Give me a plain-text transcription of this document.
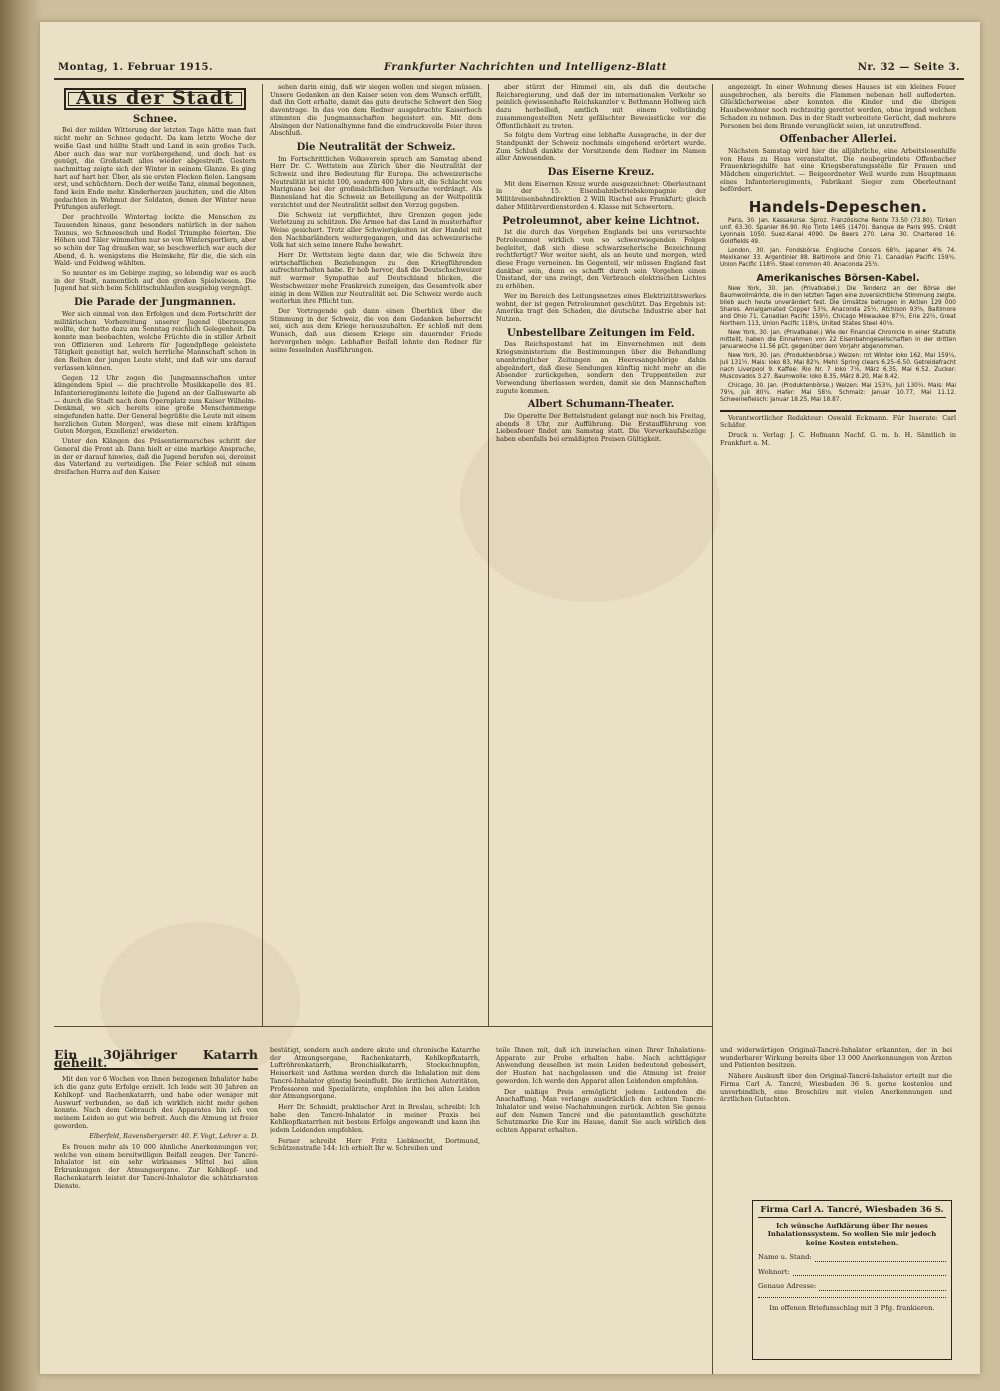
Montag, 1. Februar 1915.	Frankfurter Nachrichten und Intelligenz-Blatt	Nr. 32 — Seite 3.
Aus der Stadt
Schnee.

Bei der milden Witterung der letzten Tage hätte man fast nicht mehr an Schnee gedacht. Da kam letzte Woche der weiße Gast und hüllte Stadt und Land in sein großes Tuch. Aber auch das war nur vorübergehend, und doch hat es genügt, die Großstadt alles wieder abgestreift. Gestern nachmittag zeigte sich der Winter in seinem Glanze. Es ging hart auf hart her. Über, als sie ersten Flocken fielen. Langsam erst, und schüchtern. Doch der weiße Tanz, einmal begonnen, fand kein Ende mehr. Kinderherzen jauchzten, und die Alten gedachten in Wehmut der Soldaten, denen der Winter neue Prüfungen auferlegt.

Der prachtvolle Wintertag lockte die Menschen zu Tausenden hinaus, ganz besonders natürlich in der nahen Taunus, wo Schneeschuh und Rodel Triumphe feierten. Die Höhen und Täler wimmelten nur so von Wintersportlern, aber so schön der Tag draußen war, so beschwerlich war auch der Abend, d. h. wenigstens die Heimkehr, für die, die sich ein Wald- und Feldweg wählten.

So munter es im Gebirge zuging, so lebendig war es auch in der Stadt, namentlich auf den großen Spielwiesen. Die Jugend hat sich beim Schlittschuhlaufen ausgiebig vergnügt.

Die Parade der Jungmannen.

Wer sich einmal von den Erfolgen und dem Fortschritt der militärischen Vorbereitung unserer Jugend überzeugen wollte, der hatte dazu am Sonntag reichlich Gelegenheit. Da konnte man beobachten, welche Früchte die in stiller Arbeit von Offizieren und Lehrern für Jugendpflege geleistete Tätigkeit gezeitigt hat, welch herrliche Mannschaft schon in den Reihen der jungen Leute steht, und daß wir uns darauf verlassen können.

Gegen 12 Uhr zogen die Jungmannschaften unter klingendem Spiel — die prachtvolle Musikkapelle des 81. Infanterieregiments leitete die Jugend an der Galluswarte ab — durch die Stadt nach dem Opernplatz zum Kaiser Wilhelm-Denkmal, wo sich bereits eine große Menschenmenge eingefunden hatte. Der General begrüßte die Leute mit einem herzlichen Guten Morgen!, was diese mit einem kräftigen Guten Morgen, Exzellenz! erwiderten.

Unter den Klängen des Präsentiermarsches schritt der General die Front ab. Dann hielt er eine markige Ansprache, in der er darauf hinwies, daß die Jugend berufen sei, dereinst das Vaterland zu verteidigen. Die Feier schloß mit einem dreifachen Hurra auf den Kaiser.

sehen darin einig, daß wir siegen wollen und siegen müssen. Unsere Gedanken an den Kaiser seien von dem Wunsch erfüllt, daß ihn Gott erhalte, damit das gute deutsche Schwert den Sieg davontrage. In das von dem Redner ausgebrachte Kaiserhoch stimmten die Jungmannschaften begeistert ein. Mit dem Absingen der Nationalhymne fand die eindrucksvolle Feier ihren Abschluß.

Die Neutralität der Schweiz.

Im Fortschrittlichen Volksverein sprach am Samstag abend Herr Dr. C. Wettstein aus Zürich über die Neutralität der Schweiz und ihre Bedeutung für Europa. Die schweizerische Neutralität ist nicht 100, sondern 400 Jahre alt, die Schlacht von Marignano bei der großmächtlichen Versuche verdrängt. Als Binnenland hat die Schweiz an Beteiligung an der Weltpolitik verzichtet und der Neutralität selbst den Vorzug gegeben.

Die Schweiz ist verpflichtet, ihre Grenzen gegen jede Verletzung zu schützen. Die Armee hat das Land in musterhafter Weise gesichert. Trotz aller Schwierigkeiten ist der Handel mit den Nachbarländern weitergegangen, und das schweizerische Volk hat sich seine innere Ruhe bewahrt.

Herr Dr. Wettstein legte dann dar, wie die Schweiz ihre wirtschaftlichen Beziehungen zu den Kriegführenden aufrechterhalten habe. Er hob hervor, daß die Deutschschweizer mit warmer Sympathie auf Deutschland blicken, die Westschweizer mehr Frankreich zuneigen, das Gesamtvolk aber einig in dem Willen zur Neutralität sei. Die Schweiz werde auch weiterhin ihre Pflicht tun.

Der Vortragende gab dann einen Überblick über die Stimmung in der Schweiz, die von dem Gedanken beherrscht sei, sich aus dem Kriege herauszuhalten. Er schloß mit dem Wunsch, daß aus diesem Kriege ein dauernder Friede hervorgehen möge. Lebhafter Beifall lohnte den Redner für seine fesselnden Ausführungen.

aber stürzt der Himmel ein, als daß die deutsche Reichsregierung, und daß der im internationalen Verkehr so peinlich gewissenhafte Reichskanzler v. Bethmann Hollweg sich dazu herbeiließ, amtlich mit einem vollständig zusammengestellten Netz gefälschter Beweisstücke vor die Öffentlichkeit zu treten.

So folgte dem Vortrag eine lebhafte Aussprache, in der der Standpunkt der Schweiz nochmals eingehend erörtert wurde. Zum Schluß dankte der Vorsitzende dem Redner im Namen aller Anwesenden.

Das Eiserne Kreuz.

Mit dem Eisernen Kreuz wurde ausgezeichnet: Oberleutnant in der 15. Eisenbahnbetriebskompagnie der Militäreisenbahndirektion 2 Willi Rischel aus Frankfurt; gleich daher Militärverdienstorden 4. Klasse mit Schwertern.

Petroleumnot, aber keine Lichtnot.

Ist die durch das Vorgehen Englands bei uns verursachte Petroleumnot wirklich von so schwerwiegenden Folgen begleitet, daß sich diese schwarzseherische Bezeichnung rechtfertigt? Wer weiter sieht, als an heute und morgen, wird diese Frage verneinen. Im Gegenteil, wir müssen England fast dankbar sein, denn es schafft durch sein Vorgehen einen Umstand, der uns zwingt, den Verbrauch elektrischen Lichtes zu erhöhen.

Wer im Bereich des Leitungsnetzes eines Elektrizitätswerkes wohnt, der ist gegen Petroleumnot geschützt. Das Ergebnis ist: Amerika tragt den Schaden, die deutsche Industrie aber hat Nutzen.

Unbestellbare Zeitungen im Feld.

Das Reichspostamt hat im Einvernehmen mit dem Kriegsministerium die Bestimmungen über die Behandlung unanbringlicher Zeitungen an Heeresangehörige dahin abgeändert, daß diese Sendungen künftig nicht mehr an die Absender zurückgehen, sondern den Truppenteilen zur Verwendung überlassen werden, damit sie den Mannschaften zugute kommen.

Albert Schumann-Theater.

Die Operette Der Bettelstudent gelangt nur noch bis Freitag, abends 8 Uhr, zur Aufführung. Die Erstaufführung von Liebesfeuer findet am Samstag statt. Die Vorverkaufsbezüge haben ebenfalls bei ermäßigten Preisen Gültigkeit.

angezeigt. In einer Wohnung dieses Hauses ist ein kleines Feuer ausgebrochen, als bereits die Flammen nebenan hell aufloderten. Glücklicherweise aber konnten die Kinder und die übrigen Hausbewohner noch rechtzeitig gerettet werden, ohne irgend welchen Schaden zu nehmen. Das in der Stadt verbreitete Gerücht, daß mehrere Personen bei dem Brande verunglückt seien, ist unzutreffend.

Offenbacher Allerlei.

Nächsten Samstag wird hier die alljährliche, eine Arbeitslosenhilfe von Haus zu Haus veranstaltet. Die neubegründete Offenbacher Frauenkriegshilfe hat eine Kriegsberatungsstelle für Frauen und Mädchen eingerichtet. — Beigeordneter Weil wurde zum Hauptmann eines Infanterieregiments, Fabrikant Sieger zum Oberleutnant befördert.

Handels-Depeschen.

Paris, 30. Jan. Kassakurse. Sproz. Französische Rente 73.50 (73.80). Türken unif. 63.30. Spanier 86.90. Rio Tinto 1465 (1470). Banque de Paris 995. Crédit Lyonnais 1050. Suez-Kanal 4090. De Beers 270. Lena 30. Chartered 16. Goldfields 49.

London, 30. Jan. Fondsbörse. Englische Consols 68¾. Japaner 4% 74. Mexikaner 33. Argentinier 88. Baltimore and Ohio 71. Canadian Pacific 159¾. Union Pacific 118½. Steel common 40. Anaconda 25½.

Amerikanisches Börsen-Kabel.

New York, 30. Jan. (Privatkabel.) Die Tendenz an der Börse der Baumwollmärkte, die in den letzten Tagen eine zuversichtliche Stimmung zeigte, blieb auch heute unverändert fest. Die Umsätze betrugen in Aktien 129 000 Shares. Amalgamated Copper 53⅜, Anaconda 25½, Atchison 93⅜, Baltimore and Ohio 71, Canadian Pacific 159½, Chicago Milwaukee 87½, Erie 22¼, Great Northern 113, Union Pacific 118⅛, United States Steel 40⅛.

New York, 30. Jan. (Privatkabel.) Wie der Financial Chronicle in einer Statistik mitteilt, haben die Einnahmen von 22 Eisenbahngesellschaften in der dritten Januarwoche 11.56 pCt. gegenüber dem Vorjahr abgenommen.

New York, 30. Jan. (Produktenbörse.) Weizen: rot Winter loko 162, Mai 159¼, Juli 131½. Mais: loko 83, Mai 82¾. Mehl: Spring clears 6.25–6.50. Getreidefracht nach Liverpool 9. Kaffee: Rio Nr. 7 loko 7⅛, März 6.35, Mai 6.52. Zucker: Muscovados 3.27. Baumwolle: loko 8.35, März 8.20, Mai 8.42.

Chicago, 30. Jan. (Produktenbörse.) Weizen: Mai 153¾, Juli 130¼. Mais: Mai 79⅛, Juli 80¾. Hafer: Mai 58⅛. Schmalz: Januar 10.77, Mai 11.12. Schweinefleisch: Januar 18.25, Mai 18.87.

Verantwortlicher Redakteur: Oswald Eckmann. Für Inserate: Carl Schäfer.

Druck u. Verlag: J. C. Hofmann Nachf. G. m. b. H. Sämtlich in Frankfurt a. M.

Ein 30jähriger Katarrh geheilt.

Mit den vor 6 Wochen von Ihnen bezogenen Inhalator habe ich die ganz gute Erfolge erzielt. Ich leide seit 30 Jahren an Kehlkopf- und Rachenkatarrh, und habe oder weniger mit Auswurf verbunden, so daß ich wirklich nicht mehr gehen konnte. Nach dem Gebrauch des Apparates bin ich von meinem Leiden so gut wie befreit. Auch die Atmung ist freier geworden.

Elberfeld, Ravensbergerstr. 40. F. Vogt, Lehrer a. D.

Es freuen mehr als 10 000 ähnliche Anerkennungen vor, welche von einem bereitwilligen Beifall zeugen. Der Tancré-Inhalator ist ein sehr wirksames Mittel bei allen Erkrankungen der Atmungsorgane. Zur Kehlkopf- und Rachenkatarrh leistet der Tancré-Inhalator die schätzbarsten Dienste.

bestätigt, sondern auch andere akute und chronische Katarrhe der Atmungsorgane, Rachenkatarrh, Kehlkopfkatarrh, Luftröhrenkatarrh, Bronchialkatarrh, Stockschnupfen, Heiserkeit und Asthma werden durch die Inhalation mit dem Tancré-Inhalator günstig beeinflußt. Die ärztlichen Autoritäten, Professoren und Spezialärzte, empfehlen ihn bei allen Leiden der Atmungsorgane.

Herr Dr. Schmidt, praktischer Arzt in Breslau, schreibt: Ich habe den Tancré-Inhalator in meiner Praxis bei Kehlkopfkatarrhen mit bestem Erfolge angewandt und kann ihn jedem Leidenden empfehlen.

Ferner schreibt Herr Fritz Liebknecht, Dortmund, Schützenstraße 144: Ich erhielt Ihr w. Schreiben und

teile Ihnen mit, daß ich inzwischen einen Ihrer Inhalations-Apparate zur Probe erhalten habe. Nach achttägiger Anwendung desselben ist mein Leiden bedeutend gebessert, der Husten hat nachgelassen und die Atmung ist freier geworden. Ich werde den Apparat allen Leidenden empfehlen.

Der mäßige Preis ermöglicht jedem Leidenden die Anschaffung. Man verlange ausdrücklich den echten Tancré-Inhalator und weise Nachahmungen zurück. Achten Sie genau auf den Namen Tancré und die patentamtlich geschützte Schutzmarke Die Kur im Hause, damit Sie auch wirklich den echten Apparat erhalten.

und widerwärtigen Original-Tancré-Inhalator erkannten, der in bei wunderbarer Wirkung bereits über 13 000 Anerkennungen von Ärzten und Patienten besitzen.

Nähere Auskunft über den Original-Tancré-Inhalator erteilt nur die Firma Carl A. Tancré, Wiesbaden 36 S. gerne kostenlos und unverbindlich, eine Broschüre mit vielen Anerkennungen und ärztlichen Gutachten.

Firma Carl A. Tancré, Wiesbaden 36 S.
Ich wünsche Aufklärung über Ihr neues Inhalationssystem. So wollen Sie mir jedoch keine Kosten entstehen.
Name u. Stand:
Wohnort:
Genaue Adresse:
Im offenen Briefumschlag mit 3 Pfg. frankieren.
